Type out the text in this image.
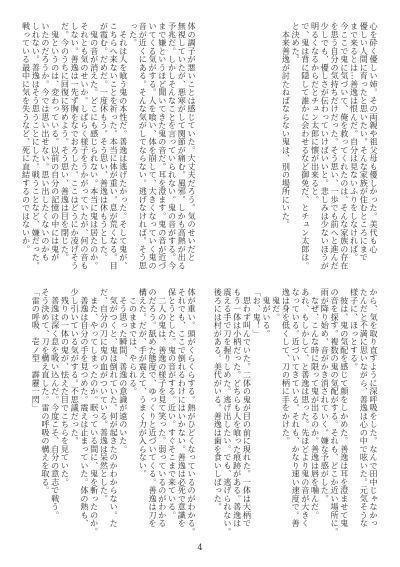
心を砕く優しい姉。その両親や祖父母も優しかった。美代も心
優しい人間に育ったと思いたい。そんな家族が住むところにまで
まで来るとは…善逸は恨んだ。自分は見ないふりをしなければ。
今ここで鬼に気づいて、俺を救ってくれたのは、そんな家族の存在
を思う自分の気持ちだけだった。そう思い、一歩でも前へと進んだ
少しでも、優しさが伝わっていけばいいと。悲しみは少ないほうが
明るくなるからだとチュン太郎に懐が出来ると。
で、鬼は背に隠して誰かに会わせるなど御免だ、とチュン太郎は。
と決めた。
　本来善逸が討たねばならない鬼は、別の場所にいた。
体の調子が悪いことは感じていた。大丈夫だろう。気のせいだと
無視していたが、悪寒がして関節が痛む。風邪。しかも高熱が出る
予兆だ。しかしそんなことを言っていられない。鬼の音がする。今
まで嫌というほど聞いてきた鬼の音だ。耳を澄ます。鬼の音が近づ
いてくる気がする。人を喰い、体を崩して、大きくなっていく鬼の
音が近くにある。そんな気がしてならない。逃げなければ。そう思
った。
　それは人を喰う鬼の本性だ。善逸は逃げたかった。そして鬼が、
こちらへ来ないことを祈った。本当に体が重い。息が荒くなる。目
が霞む。だめだ。一度休もう。そう思い、善逸は休もうとした。
　鬼の音が消えた。どこにも感じられない。本当に鬼は居たのか。
それとも気のせいか。しばらく様子をうかがっていたが、何の音も
しない。善逸は一先ず胸をなでおろした。ここはどうにか凌げそう
だ。今のうちに回復に努めよう。そう思い、善逸は目を閉じた。
　鬼というのは、変わっている。以前の自分の記憶の中には鬼が
いたのだろうか。今では思い出せない。思い出したくないのかも
しれない。善逸はそう思うことにした。戦うことなど、嫌だった。
戦っている最中に気を失うなど、死に直結するのではないか。
から、気を取り直すように深呼吸をした。なんで田中じゃなかっ
たんだと不満に思いながら、善逸は心の中で呟いた。元気そうな
様子に、ほっとする。
　彼は、鬼の気配を感じて顔をしかめた。善逸は耳を澄ませて鬼
の音を探す。複数の鬼の気配がする。それも、どこか近い場所に。
雨が降り始め、音がかき消されていく。嫌な予感がした。
　なぜ、こんな時に限って鬼が出るのか。善逸は唇を噛んだ。
あれ、もしかして、と善逸は思った。先ほどより鬼の音が大きく
なっている。近づいてきている。それも、かなり速い速度で。善
逸は身を低くして、刀の柄に手をかけた。
　鬼だ。
　鬼がいる。
「お、鬼！」
　思わず叫んでいた。二体の鬼が目の前に現れた。一体は大柄で
もう一体は小柄だった。どちらも人を喰った痕跡がある。善逸は
震える手で刀を握りしめた。逃げ出したい。でも、逃げられない。
後ろには村がある。美代がいる。善逸は歯を食いしばった。
体が重い。頭がくらくらする。熱がひどくなっているのがわかる。
それでも、ここで倒れるわけにはいかない。善逸は必死で意識を
保とうとした。鬼の音がする。近い。すぐそこまで来ている。
　二人の鬼は、善逸の様子を見て笑った。弱っているのがわかる
のだろう。舐めた態度で、ゆっくりと近づいてくる。善逸は刀を
構えた。だが、手が震えて、うまく力が入らない。
　このままでは、やられる。
　そう思った瞬間、善逸の意識が遠のいた。
　気がつくと、鬼は倒れていた。何が起きたのかわからない。た
だ、自分の刀に鬼の血がついている。善逸は呆然とした。
　また、やってしまったのか。眠っている間に、鬼を斬ったのか。
　善逸は自分の手を見つめた。震えは止まっていた。体の熱も、
少し引いている気がする。不思議だった。
　残りの一体の鬼が、怯えた目でこちらを見ていた。
　善逸は深く息を吸い込んだ。今度こそ、自分の意志で戦う。
そう決めて、刀を構え直した。雷の呼吸の構えを取る。
「雷の呼吸　壱ノ型　霹靂一閃」
4
